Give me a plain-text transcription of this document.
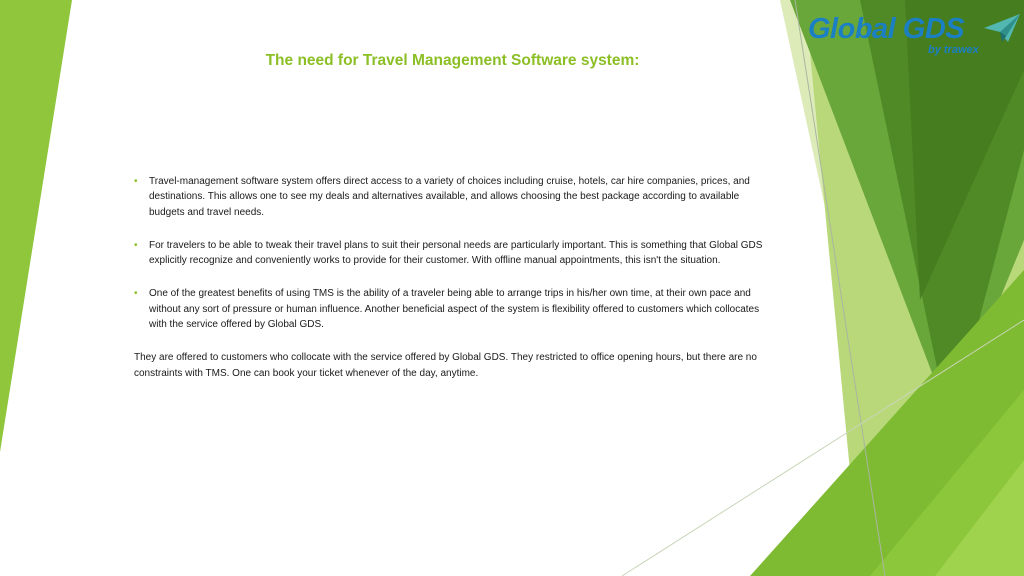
Global GDS
by trawex
The need for Travel Management Software system:
• Travel-management software system offers direct access to a variety of choices including cruise, hotels, car hire companies, prices, and destinations. This allows one to see my deals and alternatives available, and allows choosing the best package according to available budgets and travel needs.
• For travelers to be able to tweak their travel plans to suit their personal needs are particularly important. This is something that Global GDS explicitly recognize and conveniently works to provide for their customer. With offline manual appointments, this isn't the situation.
• One of the greatest benefits of using TMS is the ability of a traveler being able to arrange trips in his/her own time, at their own pace and without any sort of pressure or human influence. Another beneficial aspect of the system is flexibility offered to customers which collocates with the service offered by Global GDS.

They are offered to customers who collocate with the service offered by Global GDS. They restricted to office opening hours, but there are no constraints with TMS. One can book your ticket whenever of the day, anytime.
